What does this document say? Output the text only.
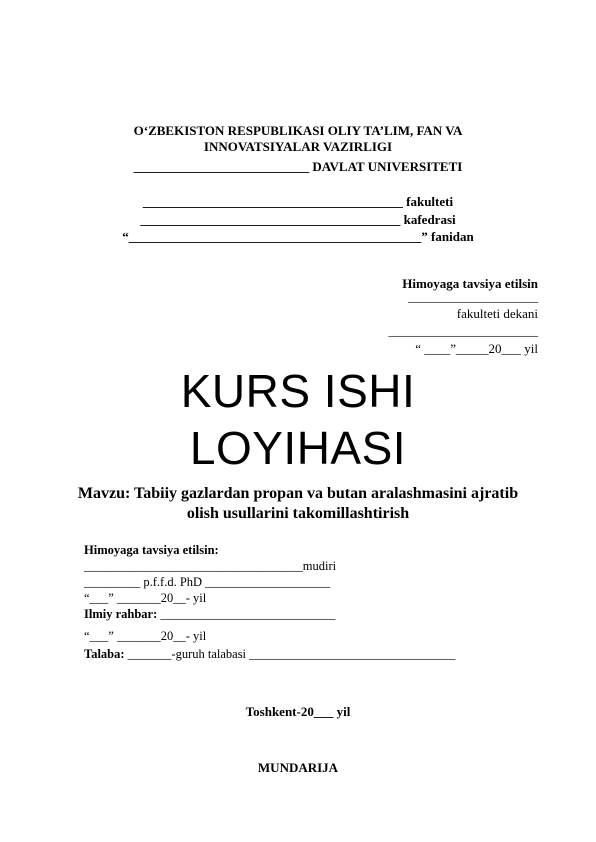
O‘ZBEKISTON RESPUBLIKASI OLIY TA’LIM, FAN VA
INNOVATSIYALAR VAZIRLIGI
___________________________ DAVLAT UNIVERSITETI
________________________________________ fakulteti
________________________________________ kafedrasi
“_____________________________________________” fanidan
Himoyaga tavsiya etilsin
____________________
fakulteti dekani
_______________________
“ ____”_____20___ yil
KURS ISHI
LOYIHASI
Mavzu: Tabiiy gazlardan propan va butan aralashmasini ajratib
olish usullarini takomillashtirish
Himoyaga tavsiya etilsin:
___________________________________mudiri
_________ p.f.f.d. PhD ____________________
“___” _______20__- yil
Ilmiy rahbar: ____________________________
“___” _______20__- yil
Talaba: _______-guruh talabasi _________________________________
Toshkent-20___ yil
MUNDARIJA
